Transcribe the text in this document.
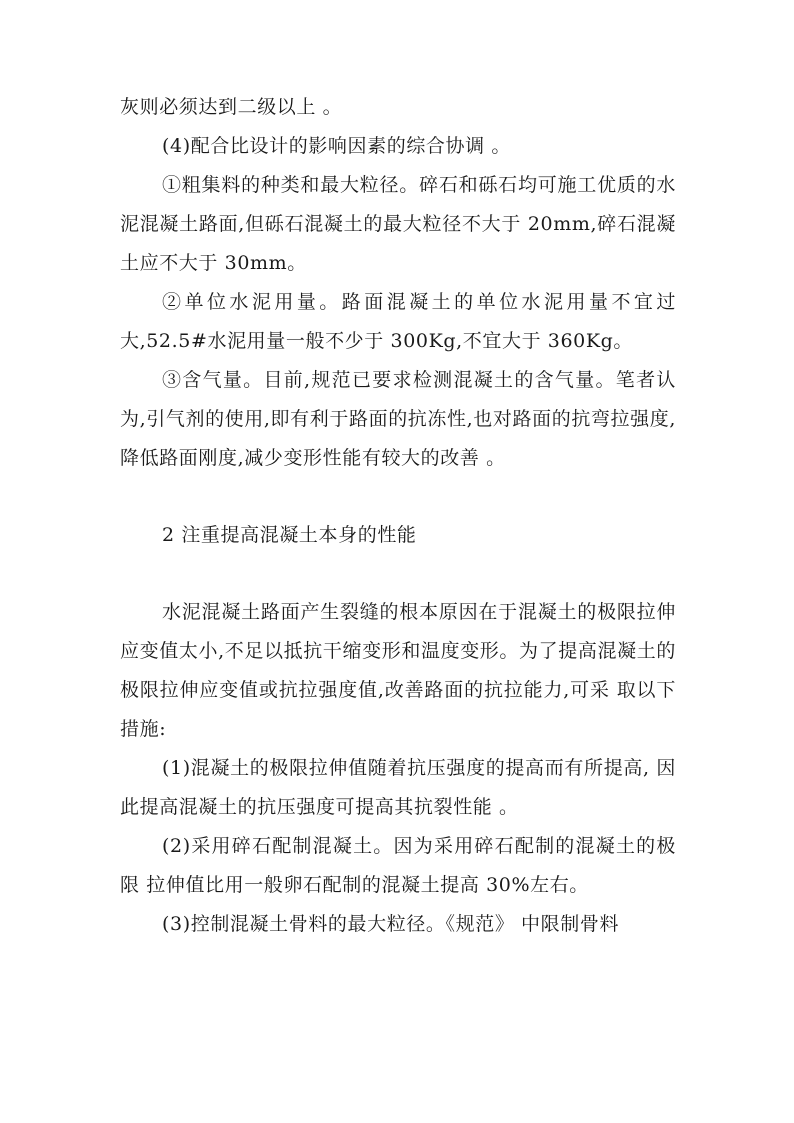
灰则必须达到二级以上 。

(4)配合比设计的影响因素的综合协调 。

①粗集料的种类和最大粒径。碎石和砾石均可施工优质的水泥混凝土路面,但砾石混凝土的最大粒径不大于 20mm,碎石混凝土应不大于 30mm。

②单位水泥用量。路面混凝土的单位水泥用量不宜过大,52.5#水泥用量一般不少于 300Kg,不宜大于 360Kg。

③含气量。目前,规范已要求检测混凝土的含气量。笔者认为,引气剂的使用,即有利于路面的抗冻性,也对路面的抗弯拉强度,降低路面刚度,减少变形性能有较大的改善 。

2 注重提高混凝土本身的性能

水泥混凝土路面产生裂缝的根本原因在于混凝土的极限拉伸 应变值太小,不足以抵抗干缩变形和温度变形。为了提高混凝土的极限拉伸应变值或抗拉强度值,改善路面的抗拉能力,可采 取以下措施:

(1)混凝土的极限拉伸值随着抗压强度的提高而有所提高, 因此提高混凝土的抗压强度可提高其抗裂性能 。

(2)采用碎石配制混凝土。因为采用碎石配制的混凝土的极限 拉伸值比用一般卵石配制的混凝土提高 30%左右。

(3)控制混凝土骨料的最大粒径。《规范》 中限制骨料
